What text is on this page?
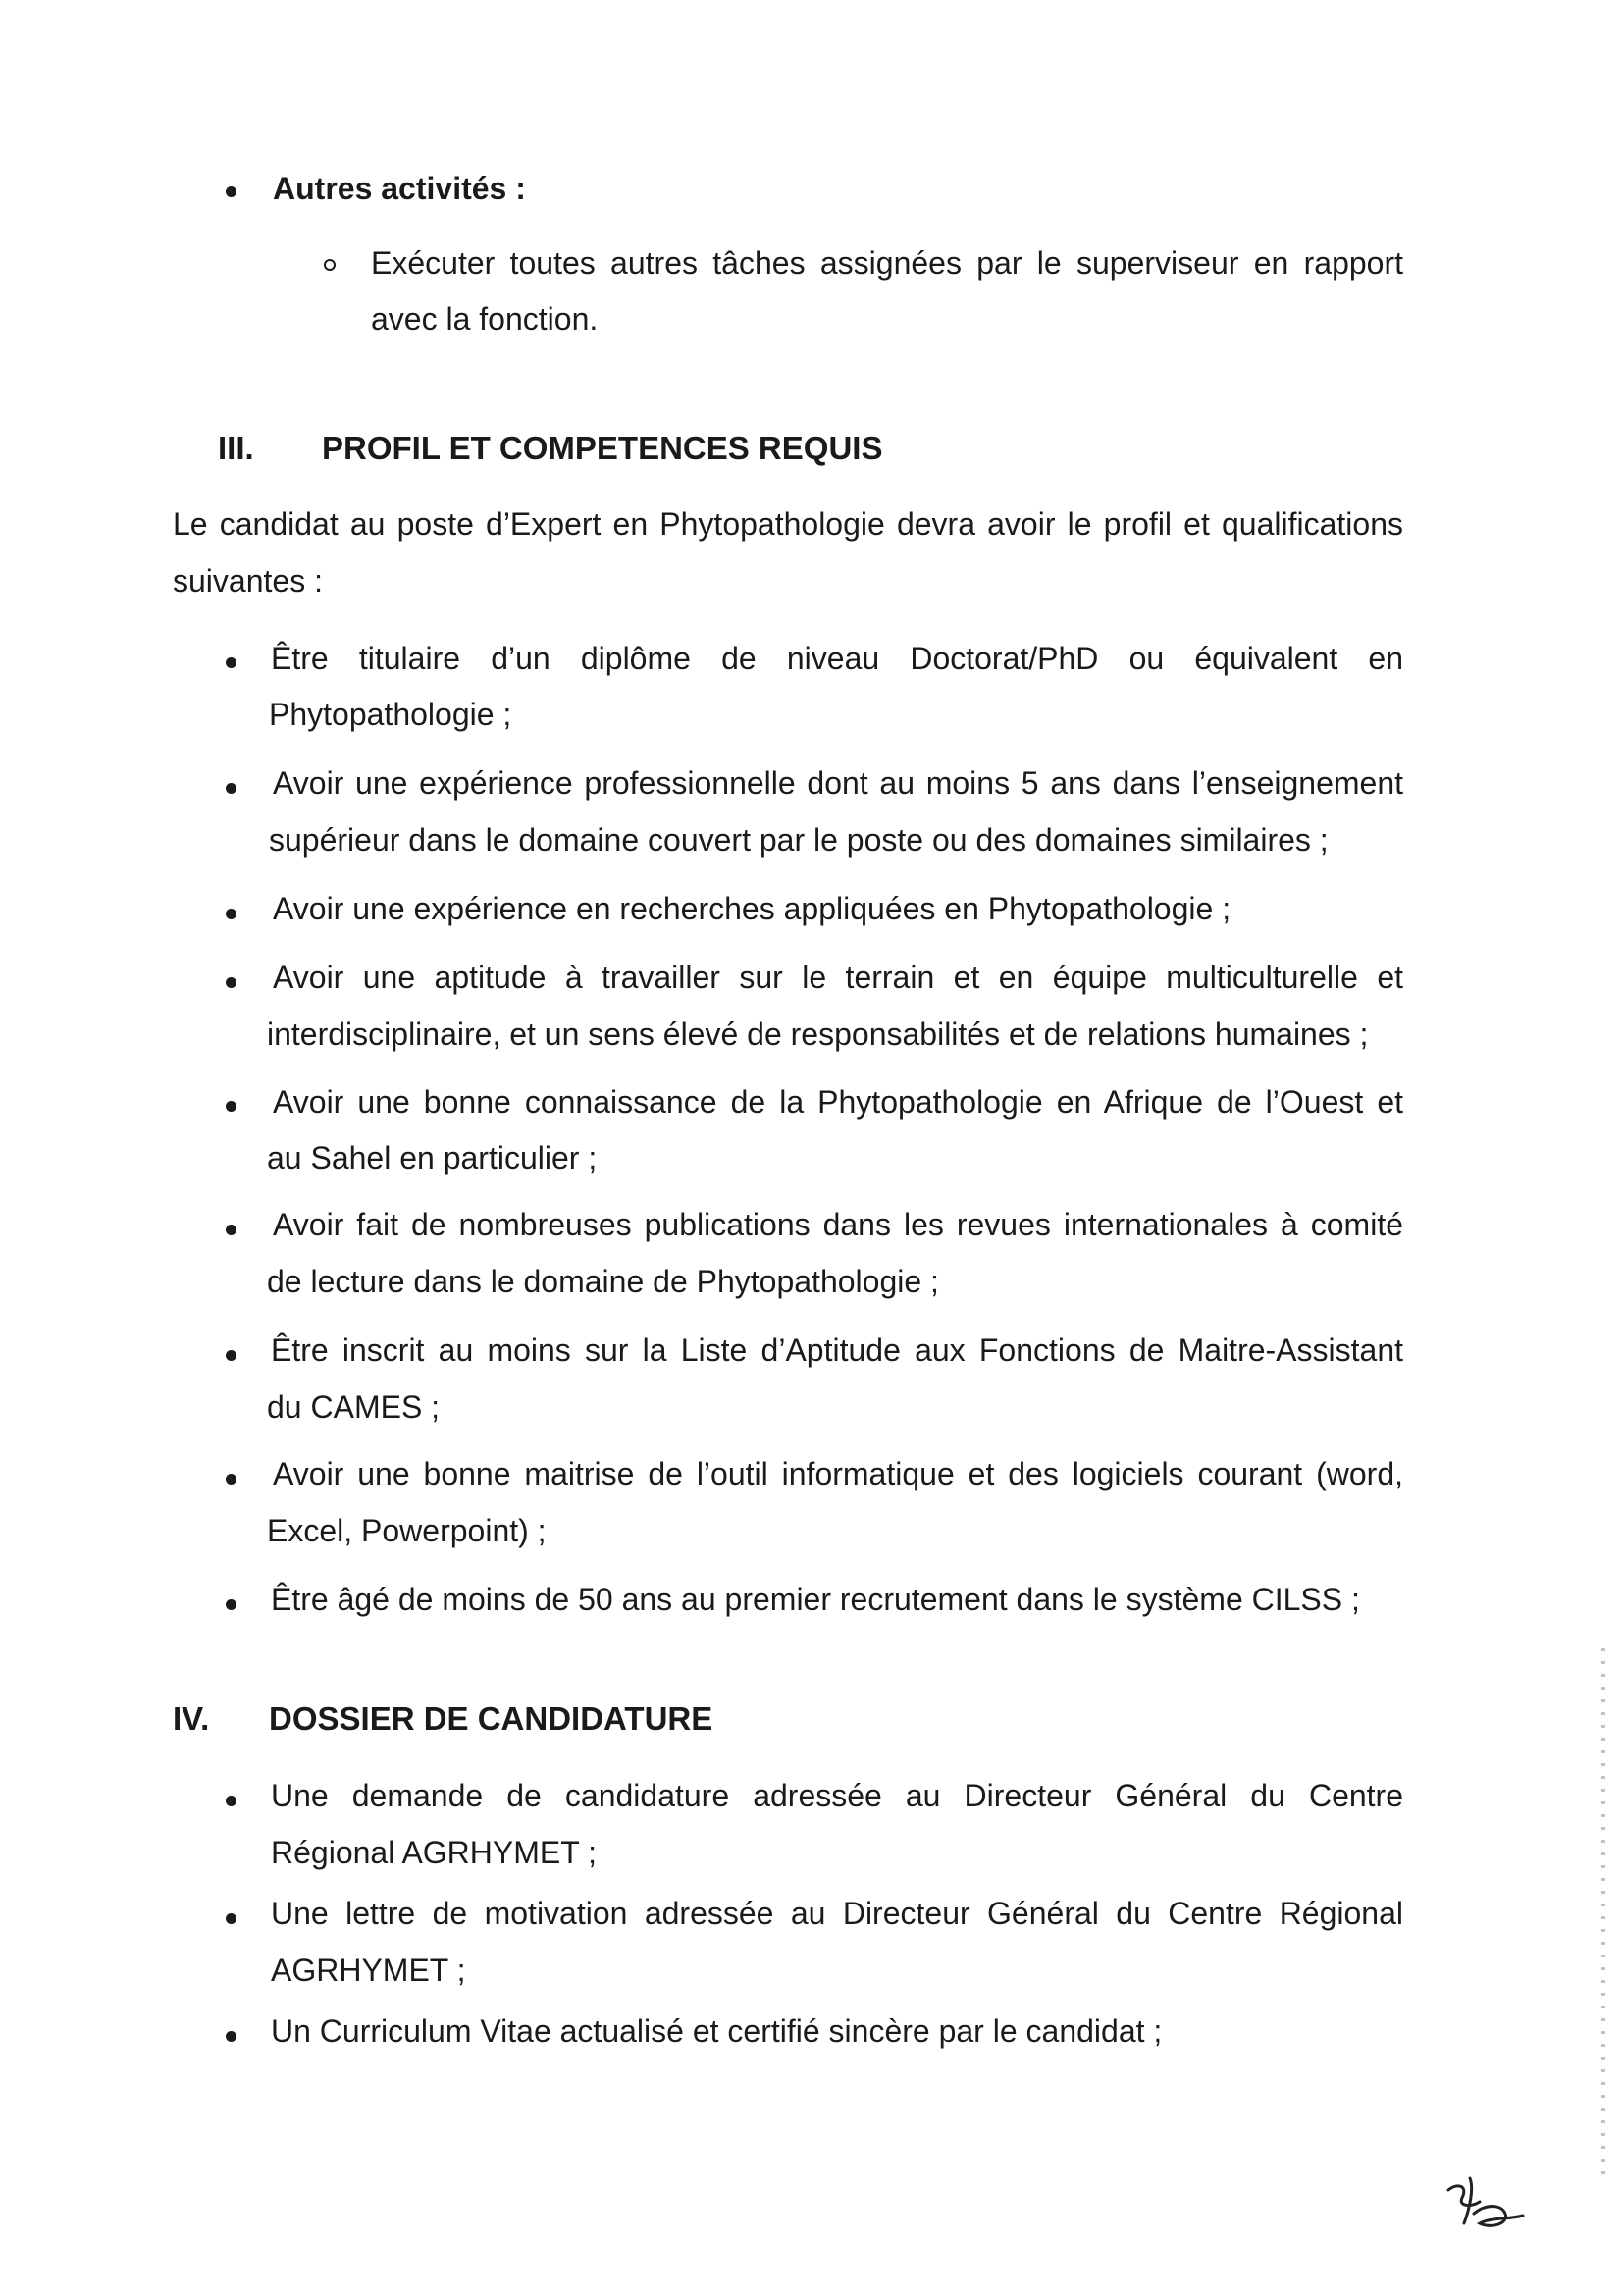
Autres activités :
Exécuter toutes autres tâches assignées par le superviseur en rapport
avec la fonction.
III. PROFIL ET COMPETENCES REQUIS
Le candidat au poste d’Expert en Phytopathologie devra avoir le profil et qualifications
suivantes :
Être titulaire d’un diplôme de niveau Doctorat/PhD ou équivalent en
Phytopathologie ;
Avoir une expérience professionnelle dont au moins 5 ans dans l’enseignement
supérieur dans le domaine couvert par le poste ou des domaines similaires ;
Avoir une expérience en recherches appliquées en Phytopathologie ;
Avoir une aptitude à travailler sur le terrain et en équipe multiculturelle et
interdisciplinaire, et un sens élevé de responsabilités et de relations humaines ;
Avoir une bonne connaissance de la Phytopathologie en Afrique de l’Ouest et
au Sahel en particulier ;
Avoir fait de nombreuses publications dans les revues internationales à comité
de lecture dans le domaine de Phytopathologie ;
Être inscrit au moins sur la Liste d’Aptitude aux Fonctions de Maitre-Assistant
du CAMES ;
Avoir une bonne maitrise de l’outil informatique et des logiciels courant (word,
Excel, Powerpoint) ;
Être âgé de moins de 50 ans au premier recrutement dans le système CILSS ;
IV. DOSSIER DE CANDIDATURE
Une demande de candidature adressée au Directeur Général du Centre
Régional AGRHYMET ;
Une lettre de motivation adressée au Directeur Général du Centre Régional
AGRHYMET ;
Un Curriculum Vitae actualisé et certifié sincère par le candidat ;
